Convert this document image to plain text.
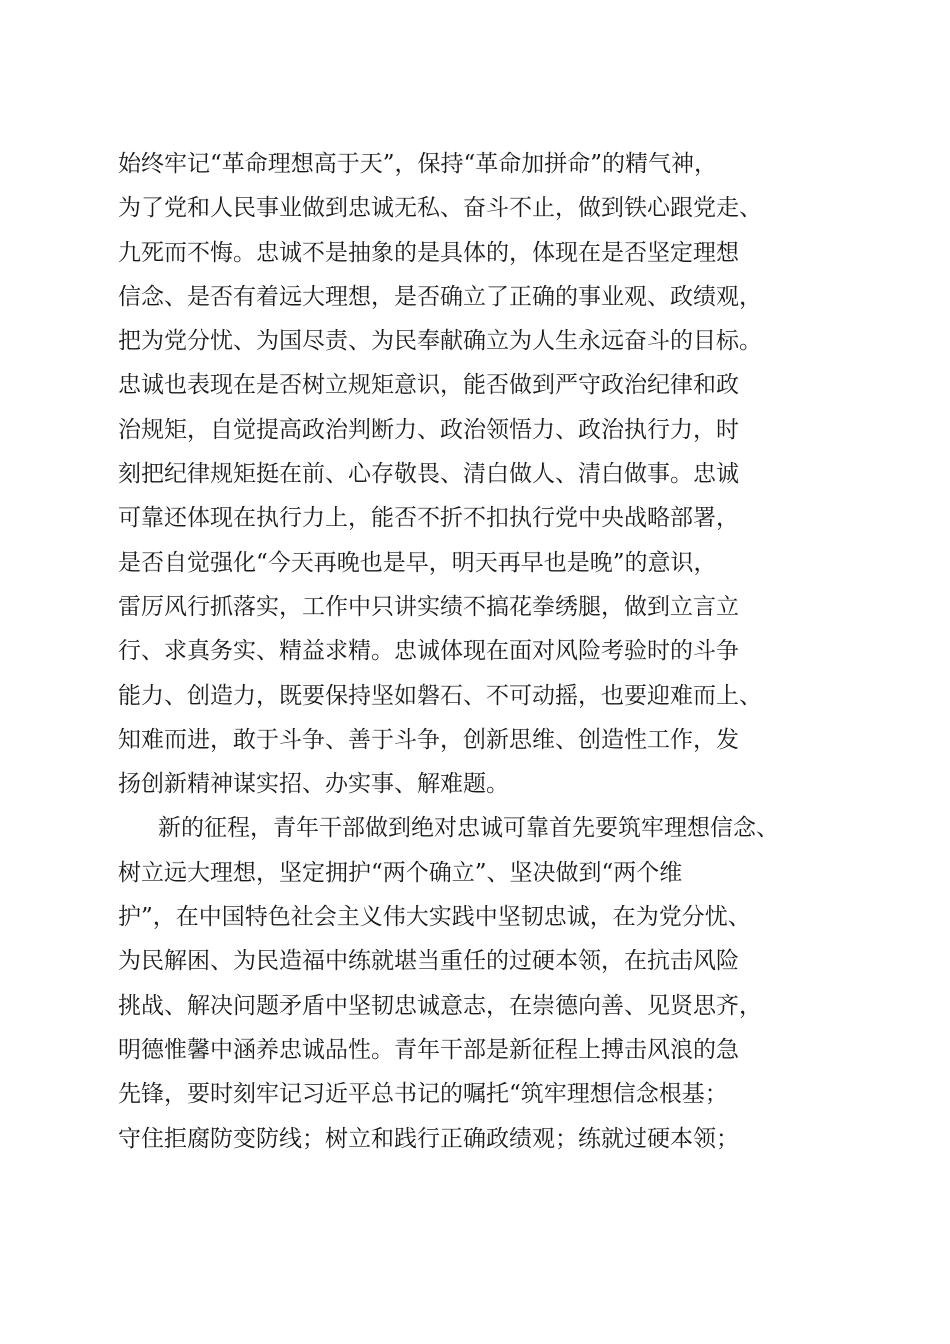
始终牢记“革命理想高于天”，保持“革命加拼命”的精气神，
为了党和人民事业做到忠诚无私、奋斗不止，做到铁心跟党走、
九死而不悔。忠诚不是抽象的是具体的，体现在是否坚定理想
信念、是否有着远大理想，是否确立了正确的事业观、政绩观，
把为党分忧、为国尽责、为民奉献确立为人生永远奋斗的目标。
忠诚也表现在是否树立规矩意识，能否做到严守政治纪律和政
治规矩，自觉提高政治判断力、政治领悟力、政治执行力，时
刻把纪律规矩挺在前、心存敬畏、清白做人、清白做事。忠诚
可靠还体现在执行力上，能否不折不扣执行党中央战略部署，
是否自觉强化“今天再晚也是早，明天再早也是晚”的意识，
雷厉风行抓落实，工作中只讲实绩不搞花拳绣腿，做到立言立
行、求真务实、精益求精。忠诚体现在面对风险考验时的斗争
能力、创造力，既要保持坚如磐石、不可动摇，也要迎难而上、
知难而进，敢于斗争、善于斗争，创新思维、创造性工作，发
扬创新精神谋实招、办实事、解难题。
新的征程，青年干部做到绝对忠诚可靠首先要筑牢理想信念、
树立远大理想，坚定拥护“两个确立”、坚决做到“两个维
护”，在中国特色社会主义伟大实践中坚韧忠诚，在为党分忧、
为民解困、为民造福中练就堪当重任的过硬本领，在抗击风险
挑战、解决问题矛盾中坚韧忠诚意志，在崇德向善、见贤思齐，
明德惟馨中涵养忠诚品性。青年干部是新征程上搏击风浪的急
先锋，要时刻牢记习近平总书记的嘱托“筑牢理想信念根基；
守住拒腐防变防线；树立和践行正确政绩观；练就过硬本领；
